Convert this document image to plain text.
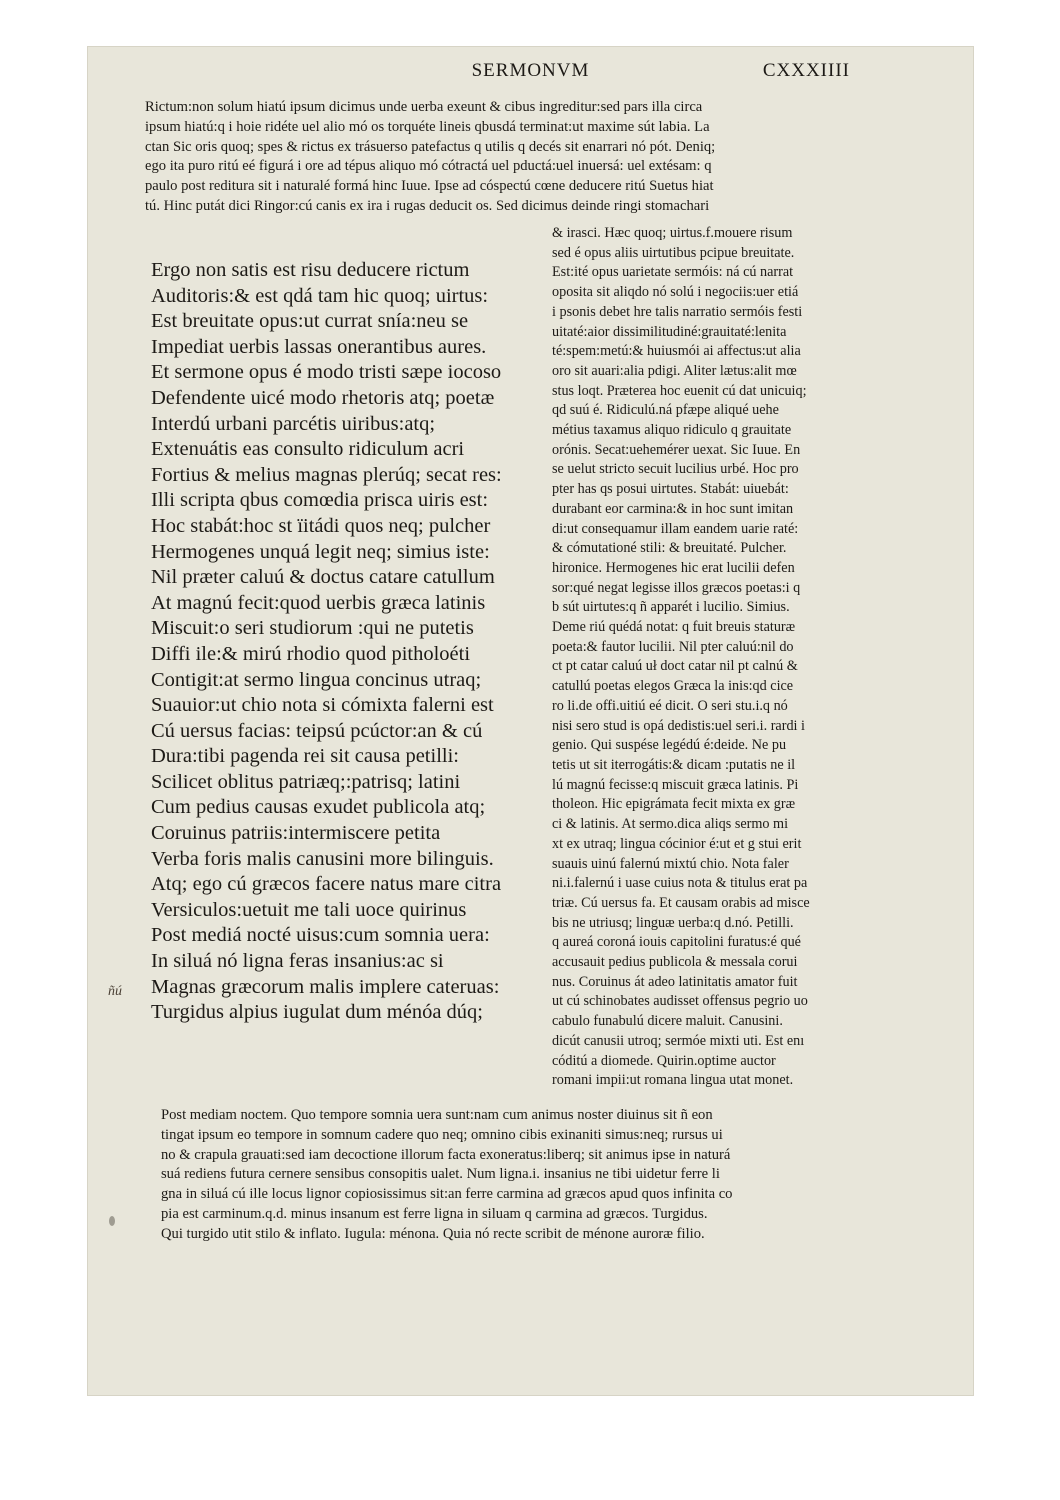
SERMONVM	CXXXIIII
Rictum:non solum hiatú ipsum dicimus unde uerba exeunt & cibus ingreditur:sed pars illa circa
ipsum hiatú:q i hoie ridéte uel alio mó os torquéte lineis qbusdá terminat:ut maxime sút labia. La
ctan Sic oris quoq; spes & rictus ex trásuerso patefactus q utilis q decés sit enarrari nó pót. Deniq;
ego ita puro ritú eé figurá i ore ad tépus aliquo mó cótractá uel pductá:uel inuersá: uel extésam: q
paulo post reditura sit i naturalé formá hinc Iuue. Ipse ad cóspectú cœne deducere ritú Suetus hiat
tú. Hinc putát dici Ringor:cú canis ex ira i rugas deducit os. Sed dicimus deinde ringi stomachari
Ergo non satis est risu deducere rictum
Auditoris:& est qdá tam hic quoq; uirtus:
Est breuitate opus:ut currat snía:neu se
Impediat uerbis lassas onerantibus aures.
Et sermone opus é modo tristi sæpe iocoso
Defendente uicé modo rhetoris atq; poetæ
Interdú urbani parcétis uiribus:atq;
Extenuátis eas consulto ridiculum acri
Fortius & melius magnas plerúq; secat res:
Illi scripta qbus comœdia prisca uiris est:
Hoc stabát:hoc st ïitádi quos neq; pulcher
Hermogenes unquá legit neq; simius iste:
Nil præter caluú & doctus catare catullum
At magnú fecit:quod uerbis græca latinis
Miscuit:o seri studiorum :qui ne putetis
Diffi ile:& mirú rhodio quod pitholoéti
Contigit:at sermo lingua concinus utraq;
Suauior:ut chio nota si cómixta falerni est
Cú uersus facias: teipsú pcúctor:an & cú
Dura:tibi pagenda rei sit causa petilli:
Scilicet oblitus patriæq;:patrisq; latini
Cum pedius causas exudet publicola atq;
Coruinus patriis:intermiscere petita
Verba foris malis canusini more bilinguis.
Atq; ego cú græcos facere natus mare citra
Versiculos:uetuit me tali uoce quirinus
Post mediá nocté uisus:cum somnia uera:
In siluá nó ligna feras insanius:ac si
Magnas græcorum malis implere cateruas:
Turgidus alpius iugulat dum ménóa dúq;
& irasci. Hæc quoq; uirtus.f.mouere risum
sed é opus aliis uirtutibus pcipue breuitate.
Est:ité opus uarietate sermóis: ná cú narrat
oposita sit aliqdo nó solú i negociis:uer etiá
i psonis debet hre talis narratio sermóis festi
uitaté:aior dissimilitudiné:grauitaté:lenita
té:spem:metú:& huiusmói ai affectus:ut alia
oro sit auari:alia pdigi. Aliter lætus:alit mœ
stus loqt. Præterea hoc euenit cú dat unicuiq;
qd suú é. Ridiculú.ná pfæpe aliqué uehe
métius taxamus aliquo ridiculo q grauitate
orónis. Secat:uehemérer uexat. Sic Iuue. En
se uelut stricto secuit lucilius urbé. Hoc pro
pter has qs posui uirtutes. Stabát: uiuebát:
durabant eor carmina:& in hoc sunt imitan
di:ut consequamur illam eandem uarie raté:
& cómutationé stili: & breuitaté. Pulcher.
hironice. Hermogenes hic erat lucilii defen
sor:qué negat legisse illos græcos poetas:i q
b sút uirtutes:q ñ apparét i lucilio. Simius.
Deme riú quédá notat: q fuit breuis staturæ
poeta:& fautor lucilii. Nil pter caluú:nil do
ct pt catar caluú uł doct catar nil pt calnú &
catullú poetas elegos Græca la inis:qd cice
ro li.de offi.uitiú eé dicit. O seri stu.i.q nó
nisi sero stud is opá dedistis:uel seri.i. rardi i
genio. Qui suspése legédú é:deide. Ne pu
tetis ut sit iterrogátis:& dicam :putatis ne il
lú magnú fecisse:q miscuit græca latinis. Pi
tholeon. Hic epigrámata fecit mixta ex græ
ci & latinis. At sermo.dica aliqs sermo mi
xt ex utraq; lingua cócinior é:ut et g stui erit
suauis uinú falernú mixtú chio. Nota faler
ni.i.falernú i uase cuius nota & titulus erat pa
triæ. Cú uersus fa. Et causam orabis ad misce
bis ne utriusq; linguæ uerba:q d.nó. Petilli.
q aureá coroná iouis capitolini furatus:é qué
accusauit pedius publicola & messala corui
nus. Coruinus át adeo latinitatis amator fuit
ut cú schinobates audisset offensus pegrio uo
cabulo funabulú dicere maluit. Canusini.
dicút canusii utroq; sermóe mixti uti. Est enı
códitú a diomede. Quirin.optime auctor
romani impii:ut romana lingua utat monet.
Post mediam noctem. Quo tempore somnia uera sunt:nam cum animus noster diuinus sit ñ eon
tingat ipsum eo tempore in somnum cadere quo neq; omnino cibis exinaniti simus:neq; rursus ui
no & crapula grauati:sed iam decoctione illorum facta exoneratus:liberq; sit animus ipse in naturá
suá rediens futura cernere sensibus consopitis ualet. Num ligna.i. insanius ne tibi uidetur ferre li
gna in siluá cú ille locus lignor copiosissimus sit:an ferre carmina ad græcos apud quos infinita co
pia est carminum.q.d. minus insanum est ferre ligna in siluam q carmina ad græcos. Turgidus.
Qui turgido utit stilo & inflato. Iugula: ménona. Quia nó recte scribit de ménone auroræ filio.
ñú
